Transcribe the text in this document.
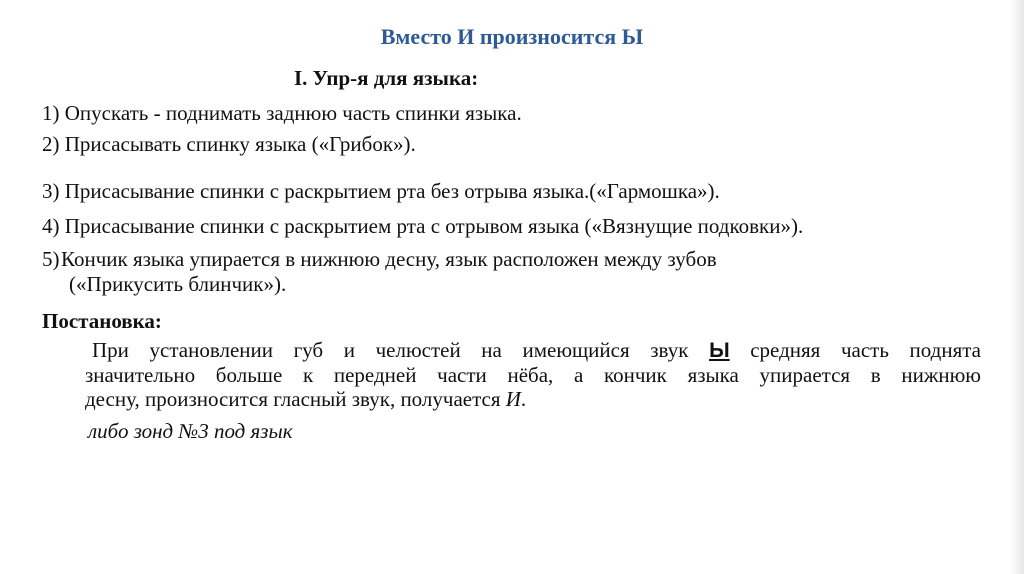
Вместо И произносится Ы
I. Упр-я для языка:
1) Опускать - поднимать заднюю часть спинки языка.
2) Присасывать спинку языка («Грибок»).
3) Присасывание спинки с раскрытием рта без отрыва языка.(«Гармошка»).
4) Присасывание спинки с раскрытием рта с отрывом языка («Вязнущие подковки»).
5) Кончик языка упирается в нижнюю десну, язык расположен между зубов
(«Прикусить блинчик»).
Постановка:
При установлении губ и челюстей на имеющийся звук Ы средняя часть поднята
значительно больше к передней части нёба, а кончик языка упирается в нижнюю
десну, произносится гласный звук, получается И.
либо зонд №3 под язык
